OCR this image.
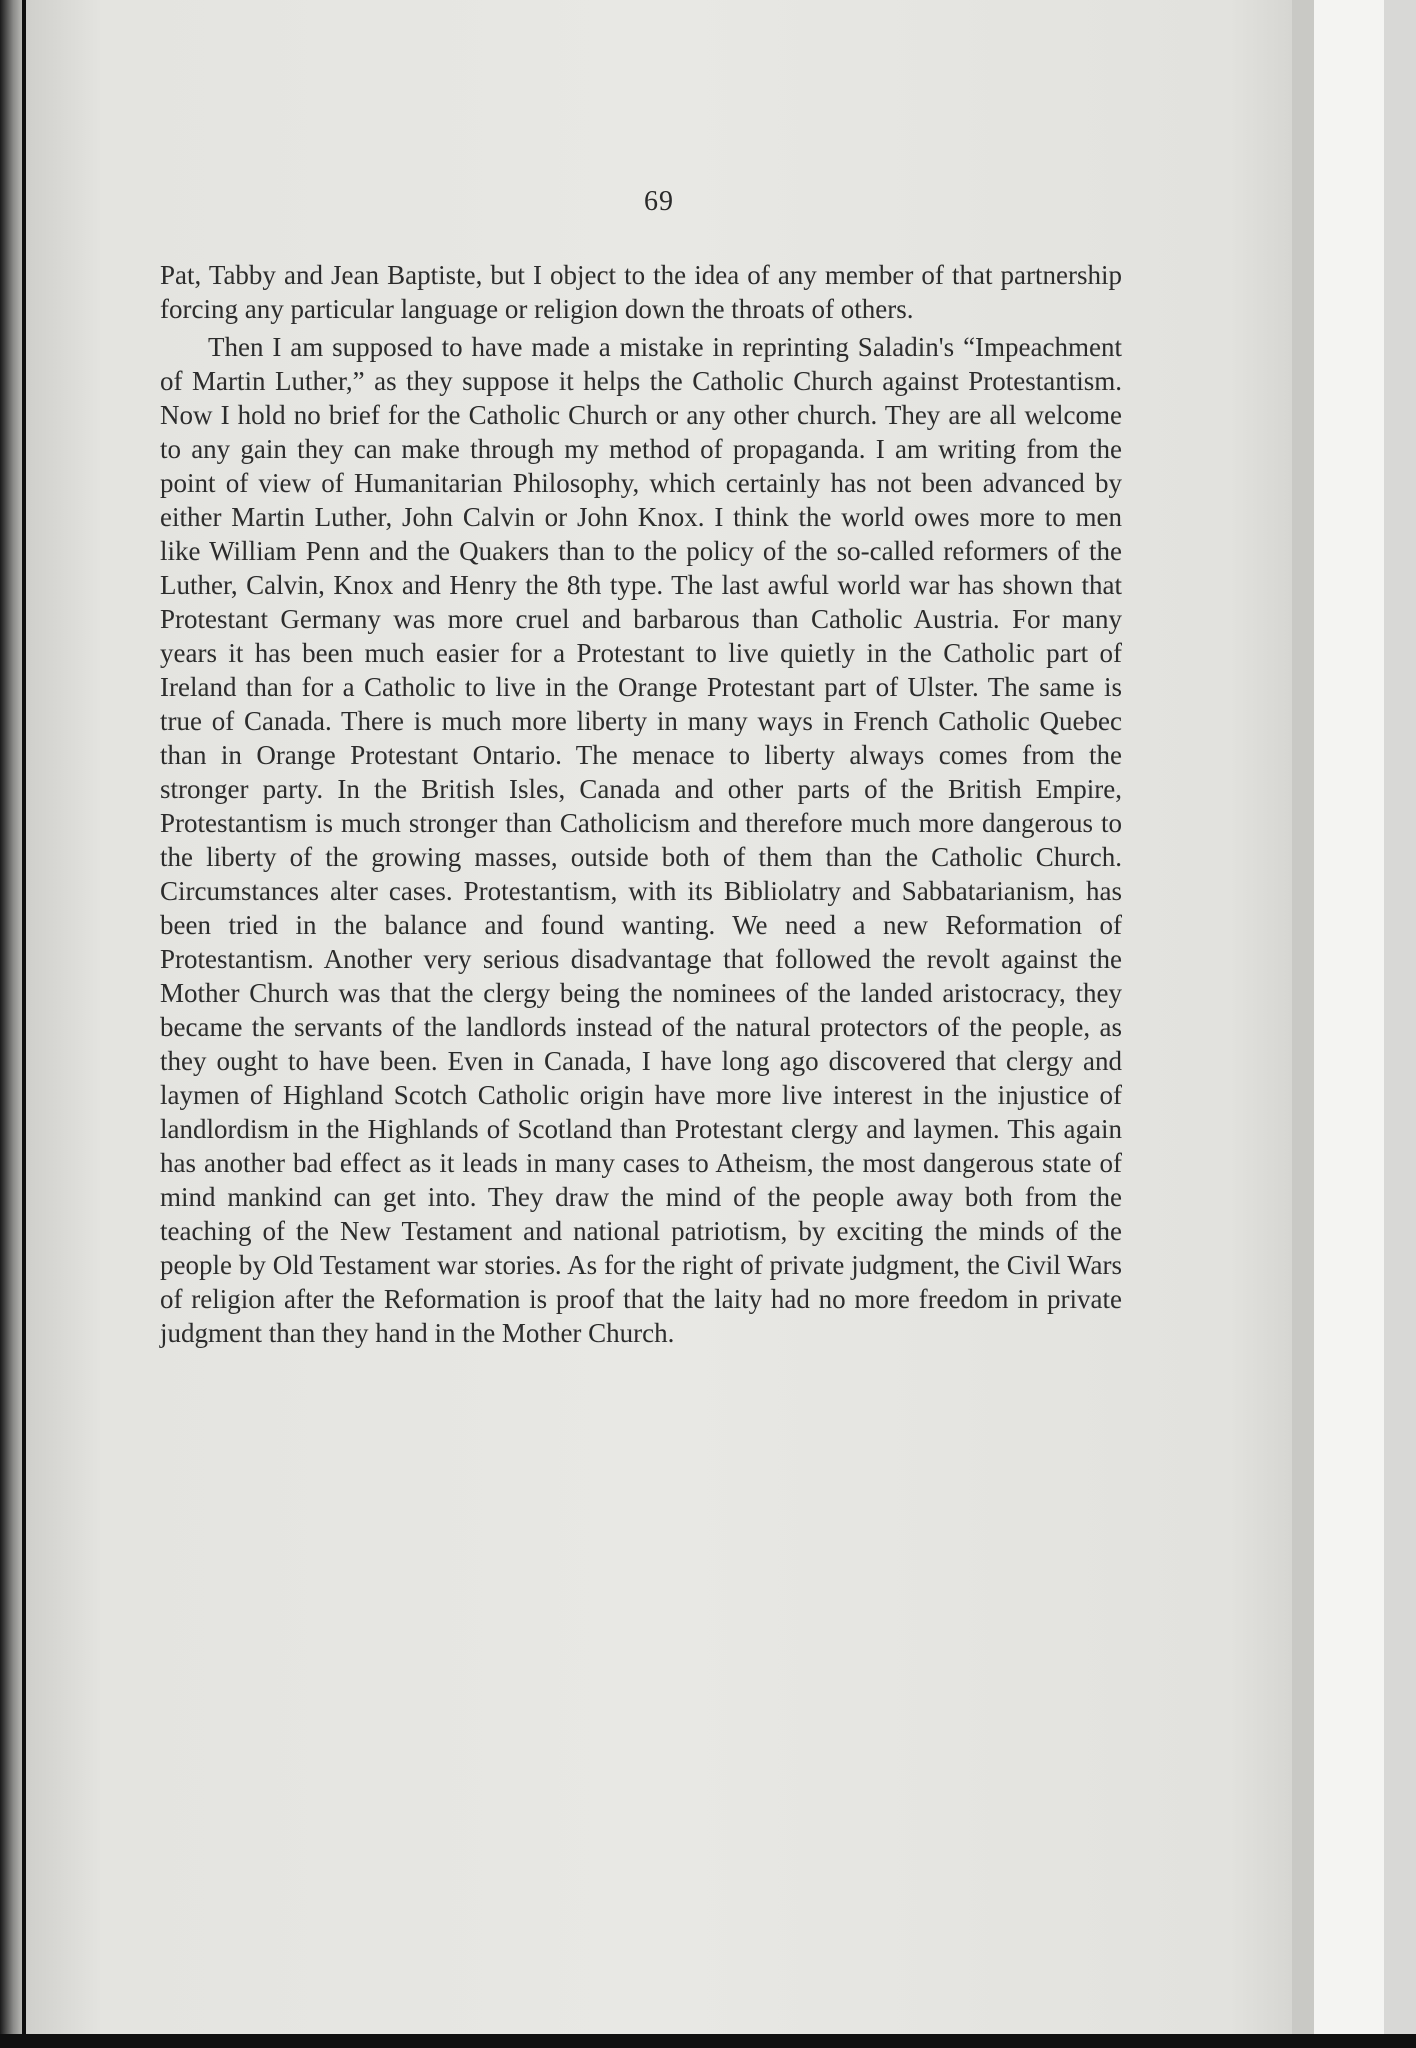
69

Pat, Tabby and Jean Baptiste, but I object to the idea of any member of that partnership forcing any particular language or religion down the throats of others.

Then I am supposed to have made a mistake in reprinting Saladin's “Impeachment of Martin Luther,” as they suppose it helps the Catholic Church against Protestantism. Now I hold no brief for the Catholic Church or any other church. They are all welcome to any gain they can make through my method of propaganda. I am writing from the point of view of Humanitarian Philosophy, which certainly has not been advanced by either Martin Luther, John Calvin or John Knox. I think the world owes more to men like William Penn and the Quakers than to the policy of the so-called reformers of the Luther, Calvin, Knox and Henry the 8th type. The last awful world war has shown that Protestant Germany was more cruel and barbarous than Catholic Austria. For many years it has been much easier for a Protestant to live quietly in the Catholic part of Ireland than for a Catholic to live in the Orange Protestant part of Ulster. The same is true of Canada. There is much more liberty in many ways in French Catholic Quebec than in Orange Protestant Ontario. The menace to liberty always comes from the stronger party. In the British Isles, Canada and other parts of the British Empire, Protestantism is much stronger than Catholicism and therefore much more dangerous to the liberty of the growing masses, outside both of them than the Catholic Church. Circumstances alter cases. Protestantism, with its Bibliolatry and Sabbatarianism, has been tried in the balance and found wanting. We need a new Reformation of Protestantism. Another very serious disadvantage that followed the revolt against the Mother Church was that the clergy being the nominees of the landed aristocracy, they became the servants of the landlords instead of the natural protectors of the people, as they ought to have been. Even in Canada, I have long ago discovered that clergy and laymen of Highland Scotch Catholic origin have more live interest in the injustice of landlordism in the Highlands of Scotland than Protestant clergy and laymen. This again has another bad effect as it leads in many cases to Atheism, the most dangerous state of mind mankind can get into. They draw the mind of the people away both from the teaching of the New Testament and national patriotism, by exciting the minds of the people by Old Testament war stories. As for the right of private judgment, the Civil Wars of religion after the Reformation is proof that the laity had no more freedom in private judgment than they hand in the Mother Church.
